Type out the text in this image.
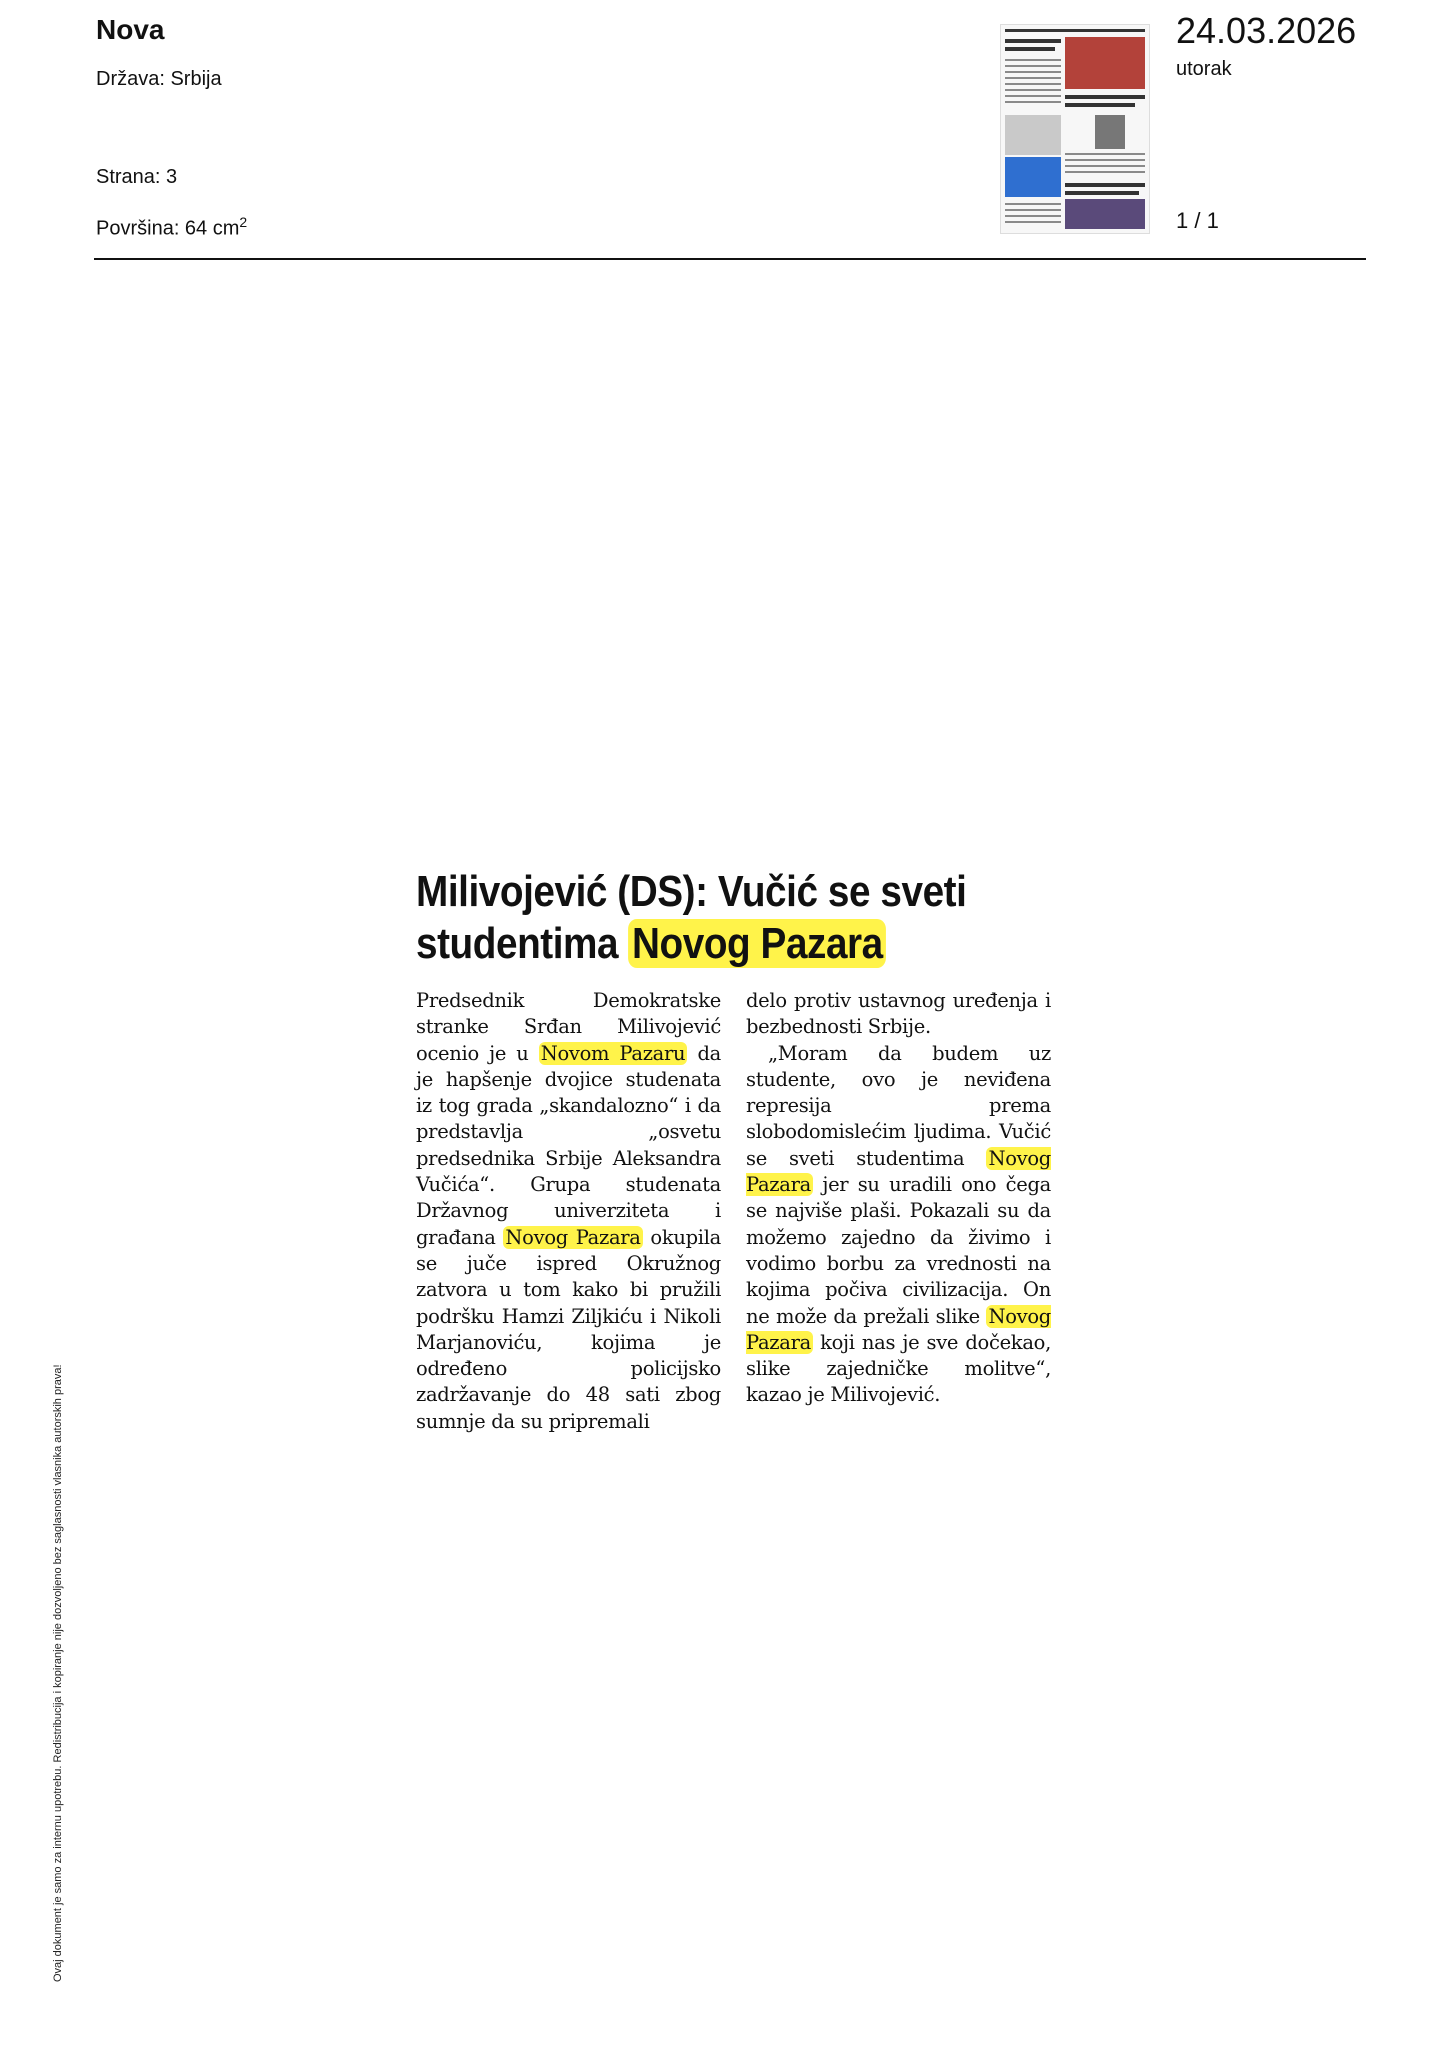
Nova
Država: Srbija
Strana: 3
Površina: 64 $cm^2$
24.03.2026
utorak
1 / 1
Milivojević (DS): Vučić se sveti studentima Novog Pazara

Predsednik Demokratske stranke Srđan Milivojević ocenio je u Novom Pazaru da je hapšenje dvojice studenata iz tog grada „skandalozno“ i da predstavlja „osvetu predsednika Srbije Aleksandra Vučića“. Grupa studenata Državnog univerziteta i građana Novog Pazara okupila se juče ispred Okružnog zatvora u tom kako bi pružili podršku Hamzi Ziljkiću i Nikoli Marjanoviću, kojima je određeno policijsko zadržavanje do 48 sati zbog sumnje da su pripremali

delo protiv ustavnog uređenja i bezbednosti Srbije.

„Moram da budem uz studente, ovo je neviđena represija prema slobodomislećim ljudima. Vučić se sveti studentima Novog Pazara jer su uradili ono čega se najviše plaši. Pokazali su da možemo zajedno da živimo i vodimo borbu za vrednosti na kojima počiva civilizacija. On ne može da prežali slike Novog Pazara koji nas je sve dočekao, slike zajedničke molitve“, kazao je Milivojević.

Ovaj dokument je samo za internu upotrebu. Redistribucija i kopiranje nije dozvoljeno bez saglasnosti vlasnika autorskih prava!
